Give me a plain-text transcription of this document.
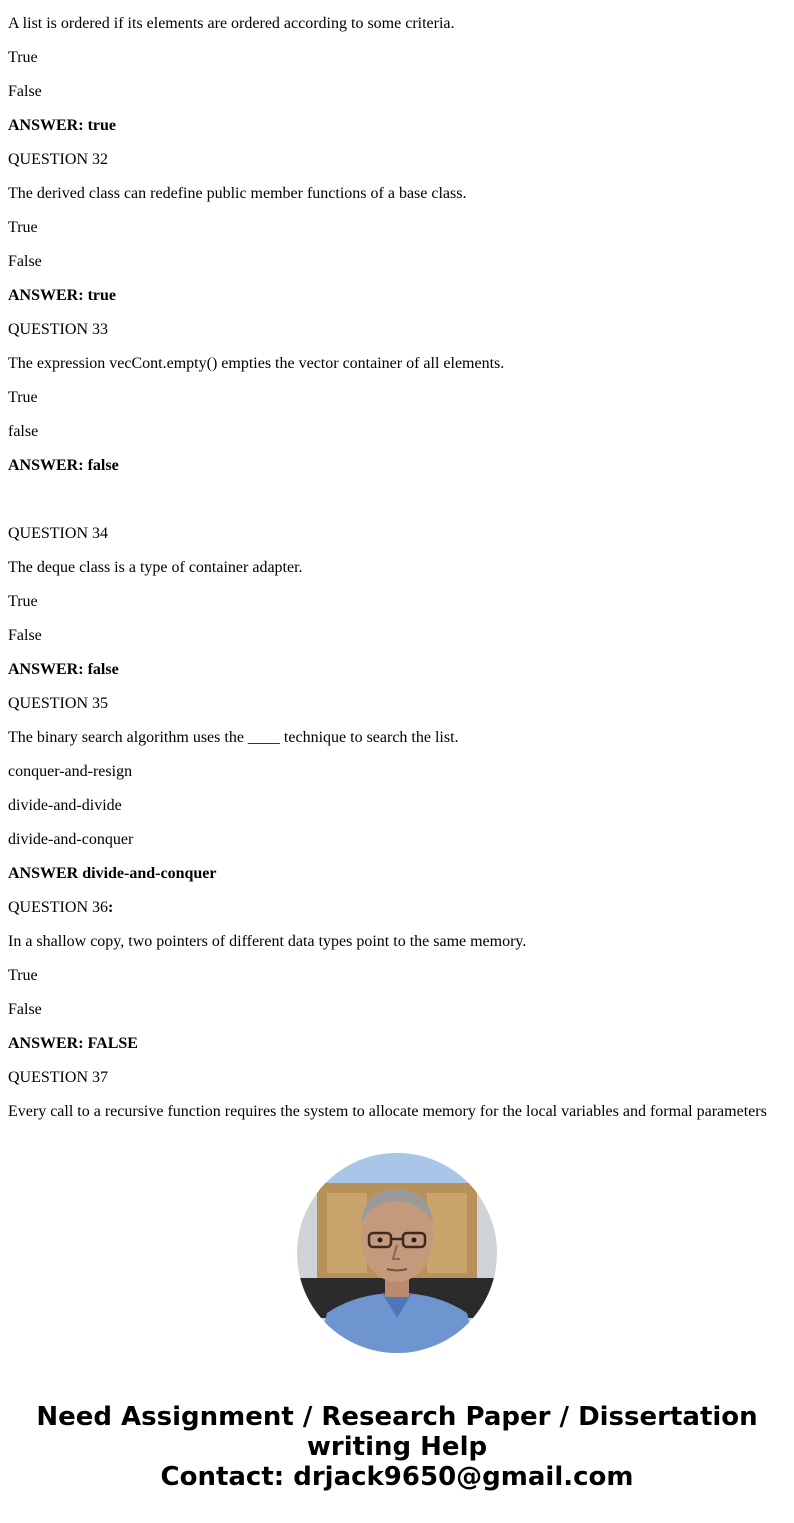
A list is ordered if its elements are ordered according to some criteria.
True
False
ANSWER: true
QUESTION 32
The derived class can redefine public member functions of a base class.
True
False
ANSWER: true
QUESTION 33
The expression vecCont.empty() empties the vector container of all elements.
True
false
ANSWER: false
QUESTION 34
The deque class is a type of container adapter.
True
False
ANSWER: false
QUESTION 35
The binary search algorithm uses the ____ technique to search the list.
conquer-and-resign
divide-and-divide
divide-and-conquer
ANSWER divide-and-conquer
QUESTION 36:
In a shallow copy, two pointers of different data types point to the same memory.
True
False
ANSWER: FALSE
QUESTION 37
Every call to a recursive function requires the system to allocate memory for the local variables and formal parameters
Need Assignment / Research Paper / Dissertation
writing Help
Contact: drjack9650@gmail.com
